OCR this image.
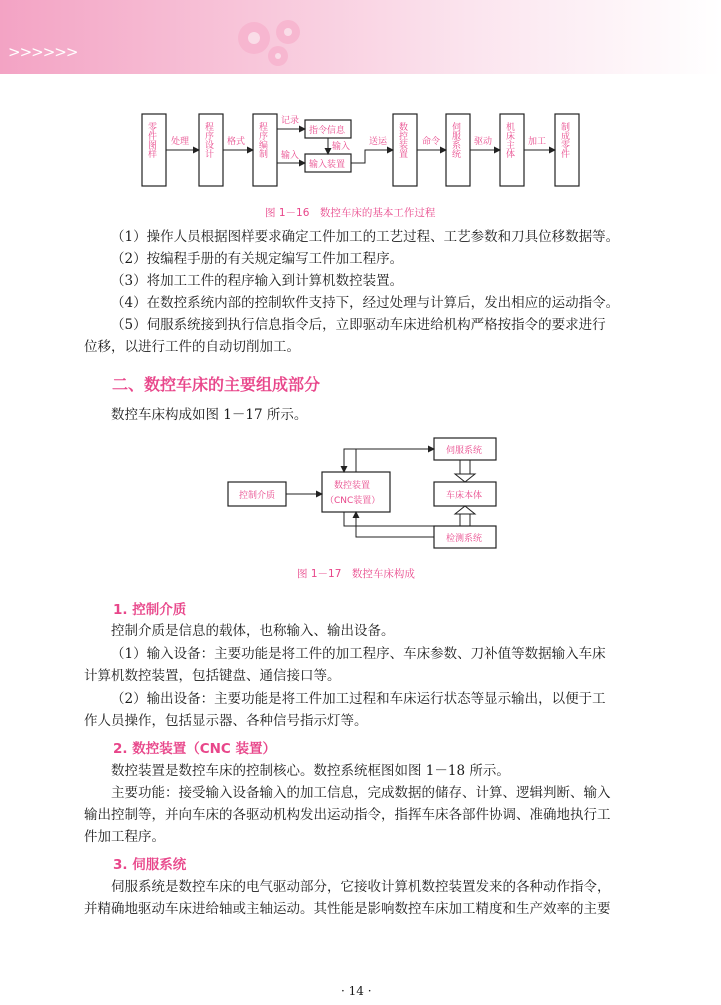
>>>>>>
零件图样	程序设计	程序编制	指令信息
输入装置
数控装置	伺服系统	机床主体	制成零件
处理	格式
记录
输入
输入 送运	命令	驱动	加工
图 1－16　数控车床的基本工作过程

（1）操作人员根据图样要求确定工件加工的工艺过程、工艺参数和刀具位移数据等。

（2）按编程手册的有关规定编写工件加工程序。

（3）将加工工件的程序输入到计算机数控装置。

（4）在数控系统内部的控制软件支持下，经过处理与计算后，发出相应的运动指令。

（5）伺服系统接到执行信息指令后，立即驱动车床进给机构严格按指令的要求进行

位移，以进行工件的自动切削加工。

二、数控车床的主要组成部分

数控车床构成如图 1－17 所示。

控制介质
数控装置
（CNC装置）
伺服系统
车床本体
检测系统
图 1－17　数控车床构成
1. 控制介质

控制介质是信息的载体，也称输入、输出设备。

（1）输入设备：主要功能是将工件的加工程序、车床参数、刀补值等数据输入车床

计算机数控装置，包括键盘、通信接口等。

（2）输出设备：主要功能是将工件加工过程和车床运行状态等显示输出，以便于工

作人员操作，包括显示器、各种信号指示灯等。

2. 数控装置（CNC 装置）

数控装置是数控车床的控制核心。数控系统框图如图 1－18 所示。

主要功能：接受输入设备输入的加工信息，完成数据的储存、计算、逻辑判断、输入

输出控制等，并向车床的各驱动机构发出运动指令，指挥车床各部件协调、准确地执行工

件加工程序。

3. 伺服系统

伺服系统是数控车床的电气驱动部分，它接收计算机数控装置发来的各种动作指令，

并精确地驱动车床进给轴或主轴运动。其性能是影响数控车床加工精度和生产效率的主要

· 14 ·
